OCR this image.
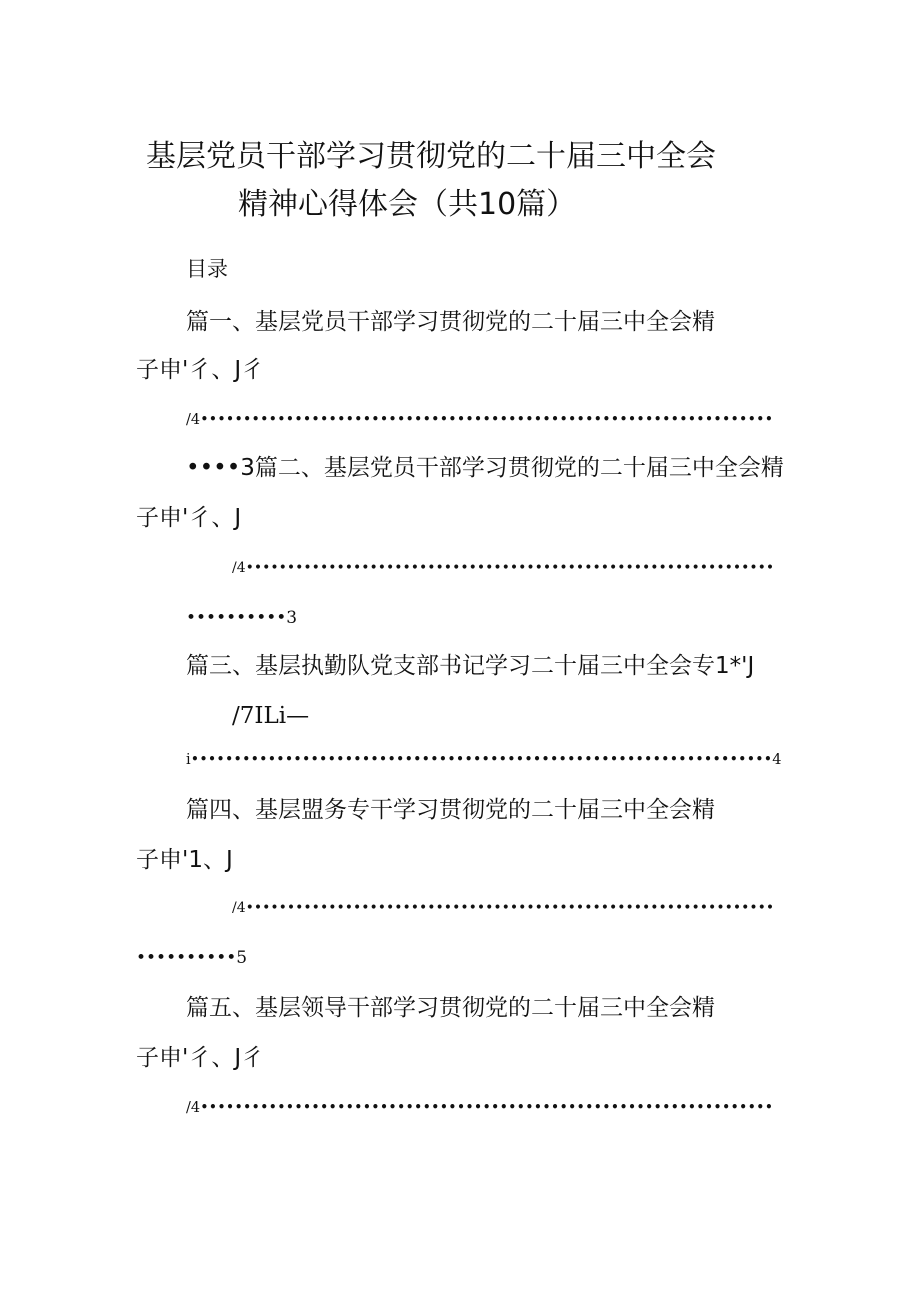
基层党员干部学习贯彻党的二十届三中全会
精神心得体会（共10篇）
目录
篇一、基层党员干部学习贯彻党的二十届三中全会精
子申'彳、J彳
/4•••••••••••••••••••••••••••••••••••••••••••••••••••••••••••••••••••
••••3篇二、基层党员干部学习贯彻党的二十届三中全会精
子申'彳、J
/4••••••••••••••••••••••••••••••••••••••••••••••••••••••••••••••••
••••••••••3
篇三、基层执勤队党支部书记学习二十届三中全会专1*'J
/7ILi—
i••••••••••••••••••••••••••••••••••••••••••••••••••••••••••••••••••••4
篇四、基层盟务专干学习贯彻党的二十届三中全会精
子申'1、J
/4••••••••••••••••••••••••••••••••••••••••••••••••••••••••••••••••
••••••••••5
篇五、基层领导干部学习贯彻党的二十届三中全会精
子申'彳、J彳
/4•••••••••••••••••••••••••••••••••••••••••••••••••••••••••••••••••••
